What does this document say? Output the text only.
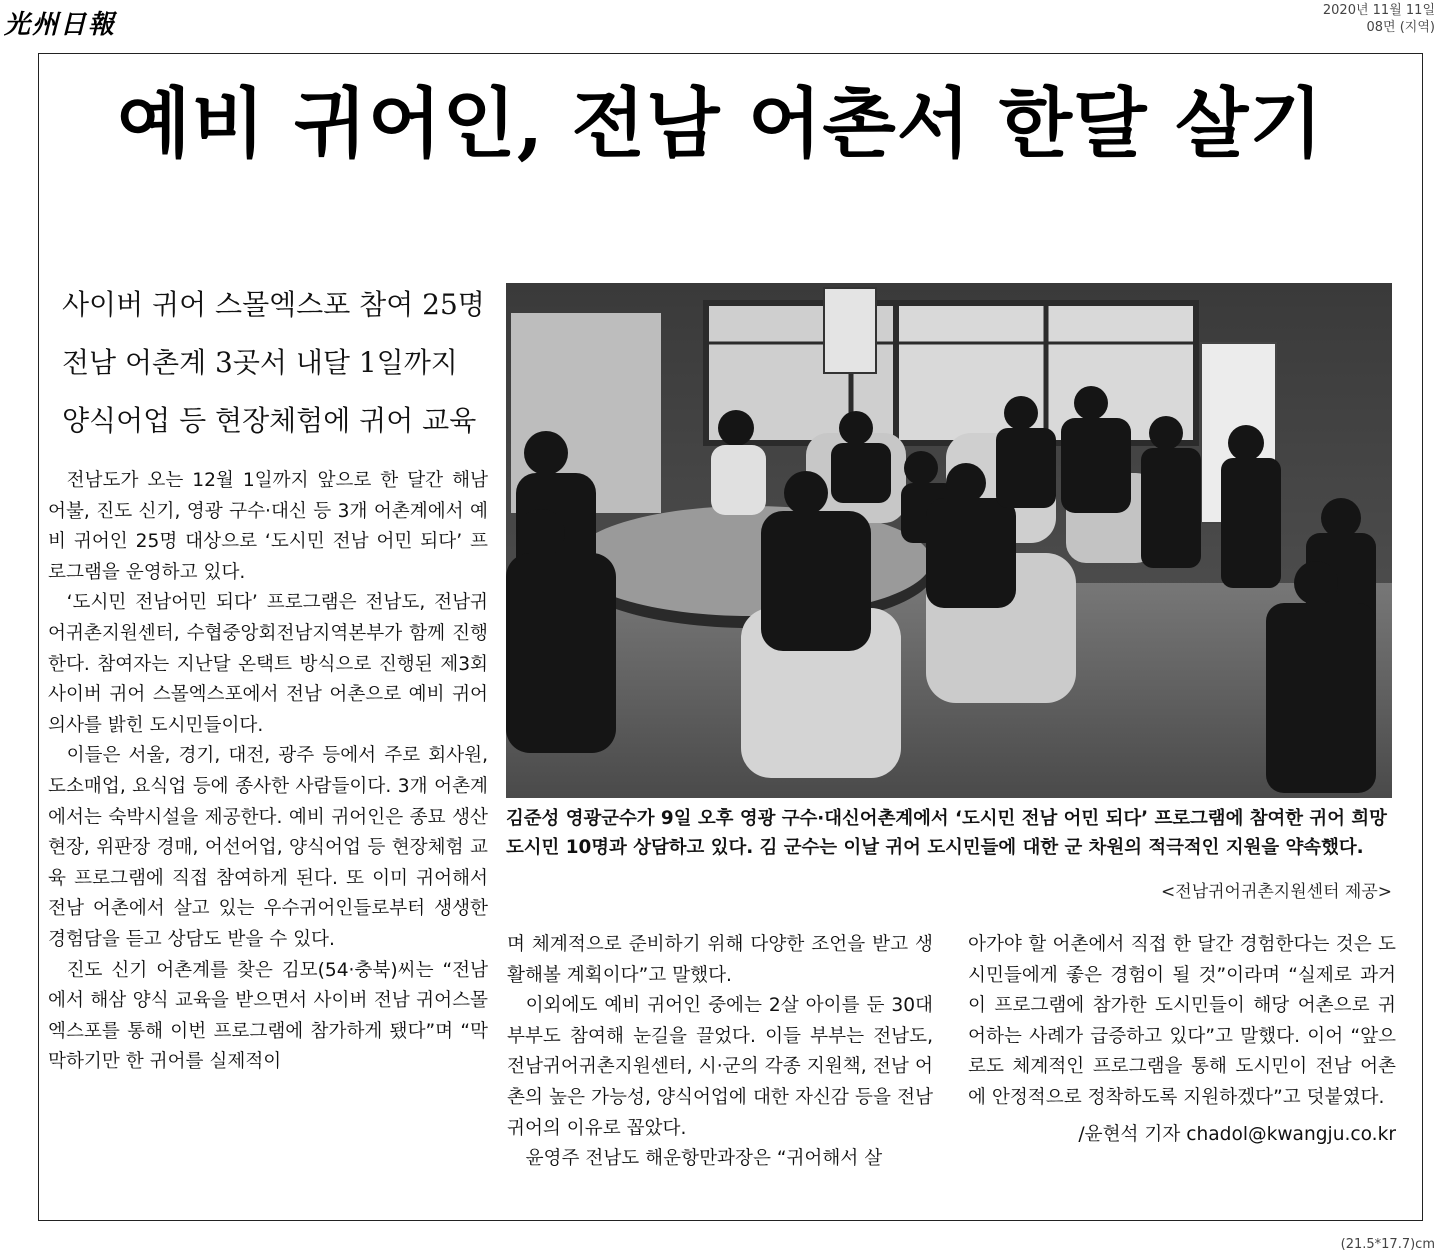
光州日報	2020년 11월 11일
08면 (지역)
예비 귀어인, 전남 어촌서 한달 살기
사이버 귀어 스몰엑스포 참여 25명
전남 어촌계 3곳서 내달 1일까지
양식어업 등 현장체험에 귀어 교육

전남도가 오는 12월 1일까지 앞으로 한 달간 해남 어불, 진도 신기, 영광 구수·대신 등 3개 어촌계에서 예비 귀어인 25명 대상으로 ‘도시민 전남 어민 되다’ 프로그램을 운영하고 있다.

‘도시민 전남어민 되다’ 프로그램은 전남도, 전남귀어귀촌지원센터, 수협중앙회전남지역본부가 함께 진행한다. 참여자는 지난달 온택트 방식으로 진행된 제3회 사이버 귀어 스몰엑스포에서 전남 어촌으로 예비 귀어 의사를 밝힌 도시민들이다.

이들은 서울, 경기, 대전, 광주 등에서 주로 회사원, 도소매업, 요식업 등에 종사한 사람들이다. 3개 어촌계에서는 숙박시설을 제공한다. 예비 귀어인은 종묘 생산 현장, 위판장 경매, 어선어업, 양식어업 등 현장체험 교육 프로그램에 직접 참여하게 된다. 또 이미 귀어해서 전남 어촌에서 살고 있는 우수귀어인들로부터 생생한 경험담을 듣고 상담도 받을 수 있다.

진도 신기 어촌계를 찾은 김모(54·충북)씨는 “전남에서 해삼 양식 교육을 받으면서 사이버 전남 귀어스몰엑스포를 통해 이번 프로그램에 참가하게 됐다”며 “막막하기만 한 귀어를 실제적이

김준성 영광군수가 9일 오후 영광 구수·대신어촌계에서 ‘도시민 전남 어민 되다’ 프로그램에 참여한 귀어 희망 도시민 10명과 상담하고 있다. 김 군수는 이날 귀어 도시민들에 대한 군 차원의 적극적인 지원을 약속했다.
<전남귀어귀촌지원센터 제공>

며 체계적으로 준비하기 위해 다양한 조언을 받고 생활해볼 계획이다”고 말했다.

이외에도 예비 귀어인 중에는 2살 아이를 둔 30대 부부도 참여해 눈길을 끌었다. 이들 부부는 전남도, 전남귀어귀촌지원센터, 시·군의 각종 지원책, 전남 어촌의 높은 가능성, 양식어업에 대한 자신감 등을 전남 귀어의 이유로 꼽았다.

윤영주 전남도 해운항만과장은 “귀어해서 살

아가야 할 어촌에서 직접 한 달간 경험한다는 것은 도시민들에게 좋은 경험이 될 것”이라며 “실제로 과거 이 프로그램에 참가한 도시민들이 해당 어촌으로 귀어하는 사례가 급증하고 있다”고 말했다. 이어 “앞으로도 체계적인 프로그램을 통해 도시민이 전남 어촌에 안정적으로 정착하도록 지원하겠다”고 덧붙였다.

/윤현석 기자 chadol@kwangju.co.kr

(21.5*17.7)cm
